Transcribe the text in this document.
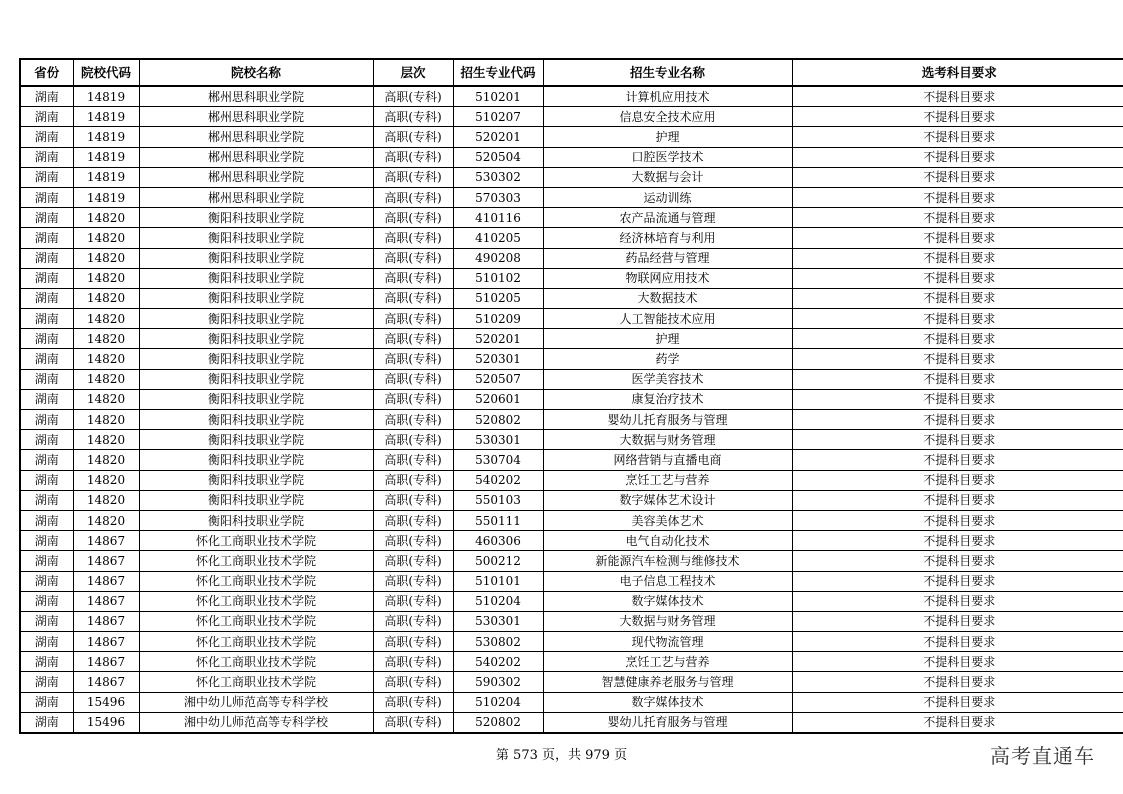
省份	院校代码	院校名称	层次	招生专业代码	招生专业名称	选考科目要求
湖南	14819	郴州思科职业学院	高职(专科)	510201	计算机应用技术	不提科目要求
湖南	14819	郴州思科职业学院	高职(专科)	510207	信息安全技术应用	不提科目要求
湖南	14819	郴州思科职业学院	高职(专科)	520201	护理	不提科目要求
湖南	14819	郴州思科职业学院	高职(专科)	520504	口腔医学技术	不提科目要求
湖南	14819	郴州思科职业学院	高职(专科)	530302	大数据与会计	不提科目要求
湖南	14819	郴州思科职业学院	高职(专科)	570303	运动训练	不提科目要求
湖南	14820	衡阳科技职业学院	高职(专科)	410116	农产品流通与管理	不提科目要求
湖南	14820	衡阳科技职业学院	高职(专科)	410205	经济林培育与利用	不提科目要求
湖南	14820	衡阳科技职业学院	高职(专科)	490208	药品经营与管理	不提科目要求
湖南	14820	衡阳科技职业学院	高职(专科)	510102	物联网应用技术	不提科目要求
湖南	14820	衡阳科技职业学院	高职(专科)	510205	大数据技术	不提科目要求
湖南	14820	衡阳科技职业学院	高职(专科)	510209	人工智能技术应用	不提科目要求
湖南	14820	衡阳科技职业学院	高职(专科)	520201	护理	不提科目要求
湖南	14820	衡阳科技职业学院	高职(专科)	520301	药学	不提科目要求
湖南	14820	衡阳科技职业学院	高职(专科)	520507	医学美容技术	不提科目要求
湖南	14820	衡阳科技职业学院	高职(专科)	520601	康复治疗技术	不提科目要求
湖南	14820	衡阳科技职业学院	高职(专科)	520802	婴幼儿托育服务与管理	不提科目要求
湖南	14820	衡阳科技职业学院	高职(专科)	530301	大数据与财务管理	不提科目要求
湖南	14820	衡阳科技职业学院	高职(专科)	530704	网络营销与直播电商	不提科目要求
湖南	14820	衡阳科技职业学院	高职(专科)	540202	烹饪工艺与营养	不提科目要求
湖南	14820	衡阳科技职业学院	高职(专科)	550103	数字媒体艺术设计	不提科目要求
湖南	14820	衡阳科技职业学院	高职(专科)	550111	美容美体艺术	不提科目要求
湖南	14867	怀化工商职业技术学院	高职(专科)	460306	电气自动化技术	不提科目要求
湖南	14867	怀化工商职业技术学院	高职(专科)	500212	新能源汽车检测与维修技术	不提科目要求
湖南	14867	怀化工商职业技术学院	高职(专科)	510101	电子信息工程技术	不提科目要求
湖南	14867	怀化工商职业技术学院	高职(专科)	510204	数字媒体技术	不提科目要求
湖南	14867	怀化工商职业技术学院	高职(专科)	530301	大数据与财务管理	不提科目要求
湖南	14867	怀化工商职业技术学院	高职(专科)	530802	现代物流管理	不提科目要求
湖南	14867	怀化工商职业技术学院	高职(专科)	540202	烹饪工艺与营养	不提科目要求
湖南	14867	怀化工商职业技术学院	高职(专科)	590302	智慧健康养老服务与管理	不提科目要求
湖南	15496	湘中幼儿师范高等专科学校	高职(专科)	510204	数字媒体技术	不提科目要求
湖南	15496	湘中幼儿师范高等专科学校	高职(专科)	520802	婴幼儿托育服务与管理	不提科目要求
第 573 页，共 979 页	高考直通车
